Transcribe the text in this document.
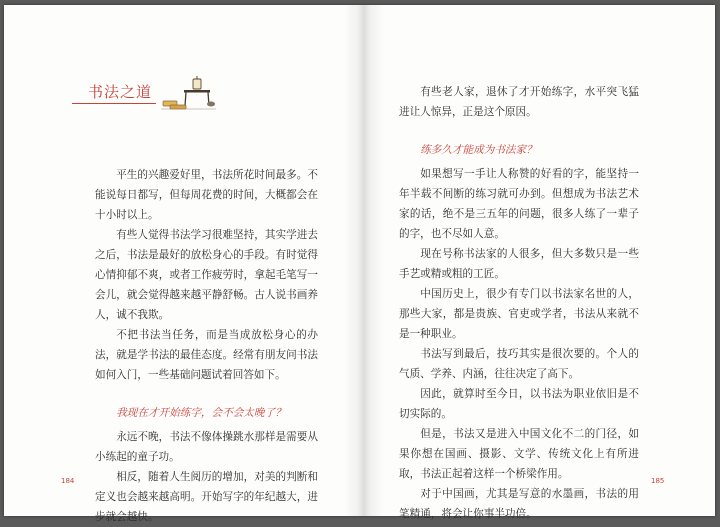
书法之道

平生的兴趣爱好里，书法所花时间最多。不能说每日都写，但每周花费的时间，大概都会在十小时以上。

有些人觉得书法学习很难坚持，其实学进去之后，书法是最好的放松身心的手段。有时觉得心情抑郁不爽，或者工作疲劳时，拿起毛笔写一会儿，就会觉得越来越平静舒畅。古人说书画养人，诚不我欺。

不把书法当任务，而是当成放松身心的办法，就是学书法的最佳态度。经常有朋友问书法如何入门，一些基础问题试着回答如下。

我现在才开始练字，会不会太晚了？

永远不晚，书法不像体操跳水那样是需要从小练起的童子功。

相反，随着人生阅历的增加，对美的判断和定义也会越来越高明。开始写字的年纪越大，进步就会越快。

184

有些老人家，退休了才开始练字，水平突飞猛进让人惊异，正是这个原因。

练多久才能成为书法家？

如果想写一手让人称赞的好看的字，能坚持一年半载不间断的练习就可办到。但想成为书法艺术家的话，绝不是三五年的问题，很多人练了一辈子的字，也不尽如人意。

现在号称书法家的人很多，但大多数只是一些手艺或精或粗的工匠。

中国历史上，很少有专门以书法家名世的人，那些大家，都是贵族、官吏或学者，书法从来就不是一种职业。

书法写到最后，技巧其实是很次要的。个人的气质、学养、内涵，往往决定了高下。

因此，就算时至今日，以书法为职业依旧是不切实际的。

但是，书法又是进入中国文化不二的门径，如果你想在国画、摄影、文学、传统文化上有所进取，书法正起着这样一个桥梁作用。

对于中国画，尤其是写意的水墨画，书法的用笔精通，将会让你事半功倍。

185
